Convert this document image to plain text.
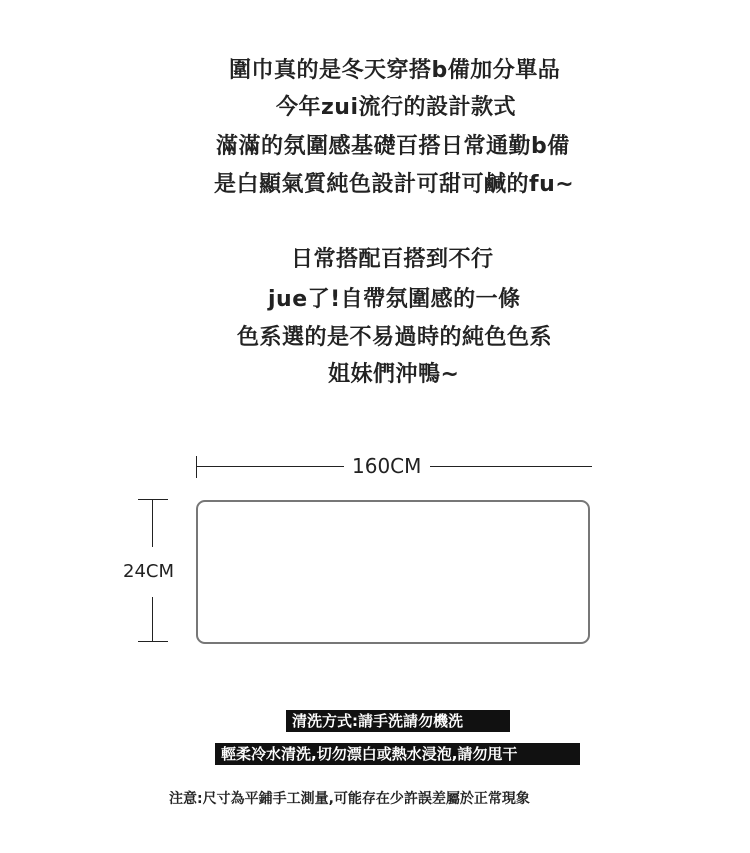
圍巾真的是冬天穿搭b備加分單品
今年zui流行的設計款式
滿滿的氛圍感基礎百搭日常通勤b備
是白顯氣質純色設計可甜可鹹的fu~
日常搭配百搭到不行
jue了!自帶氛圍感的一條
色系選的是不易過時的純色色系
姐妹們沖鴨~
160CM
24CM
清洗方式:請手洗請勿機洗
輕柔冷水清洗,切勿漂白或熱水浸泡,請勿甩干
注意:尺寸為平鋪手工測量,可能存在少許誤差屬於正常現象
